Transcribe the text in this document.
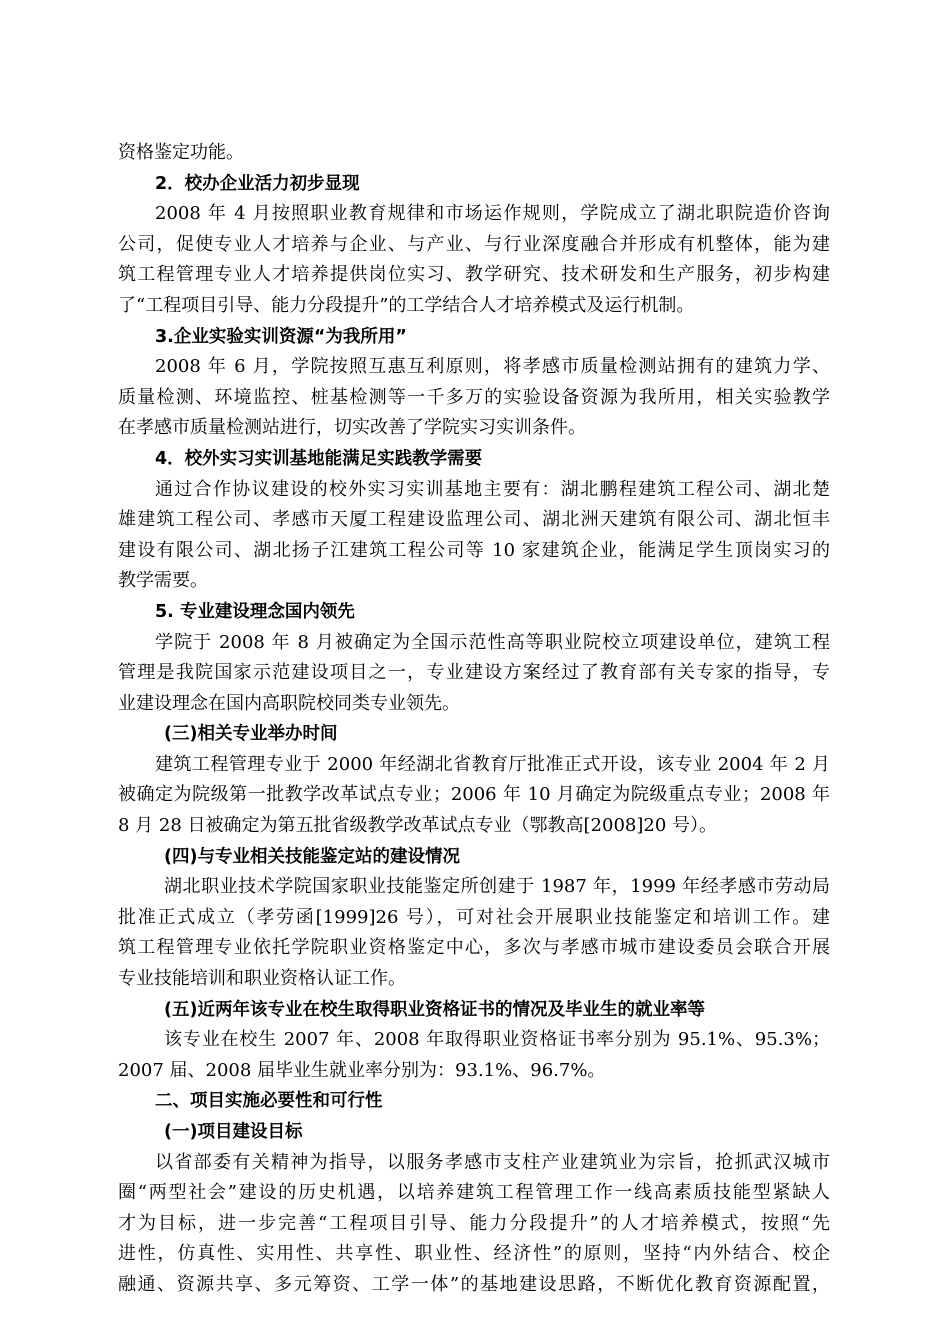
资格鉴定功能。
2．校办企业活力初步显现
2008 年 4 月按照职业教育规律和市场运作规则，学院成立了湖北职院造价咨询
公司，促使专业人才培养与企业、与产业、与行业深度融合并形成有机整体，能为建
筑工程管理专业人才培养提供岗位实习、教学研究、技术研发和生产服务，初步构建
了“工程项目引导、能力分段提升”的工学结合人才培养模式及运行机制。
3.企业实验实训资源“为我所用”
2008 年 6 月，学院按照互惠互利原则，将孝感市质量检测站拥有的建筑力学、
质量检测、环境监控、桩基检测等一千多万的实验设备资源为我所用，相关实验教学
在孝感市质量检测站进行，切实改善了学院实习实训条件。
4．校外实习实训基地能满足实践教学需要
通过合作协议建设的校外实习实训基地主要有：湖北鹏程建筑工程公司、湖北楚
雄建筑工程公司、孝感市天厦工程建设监理公司、湖北洲天建筑有限公司、湖北恒丰
建设有限公司、湖北扬子江建筑工程公司等 10 家建筑企业，能满足学生顶岗实习的
教学需要。
5. 专业建设理念国内领先
学院于 2008 年 8 月被确定为全国示范性高等职业院校立项建设单位，建筑工程
管理是我院国家示范建设项目之一，专业建设方案经过了教育部有关专家的指导，专
业建设理念在国内高职院校同类专业领先。
(三)相关专业举办时间
建筑工程管理专业于 2000 年经湖北省教育厅批准正式开设，该专业 2004 年 2 月
被确定为院级第一批教学改革试点专业；2006 年 10 月确定为院级重点专业；2008 年
8 月 28 日被确定为第五批省级教学改革试点专业（鄂教高[2008]20 号）。
(四)与专业相关技能鉴定站的建设情况
湖北职业技术学院国家职业技能鉴定所创建于 1987 年，1999 年经孝感市劳动局
批准正式成立（孝劳函[1999]26 号），可对社会开展职业技能鉴定和培训工作。建
筑工程管理专业依托学院职业资格鉴定中心，多次与孝感市城市建设委员会联合开展
专业技能培训和职业资格认证工作。
(五)近两年该专业在校生取得职业资格证书的情况及毕业生的就业率等
该专业在校生 2007 年、2008 年取得职业资格证书率分别为 95.1%、95.3%；
2007 届、2008 届毕业生就业率分别为：93.1%、96.7%。
二、项目实施必要性和可行性
(一)项目建设目标
以省部委有关精神为指导，以服务孝感市支柱产业建筑业为宗旨，抢抓武汉城市
圈“两型社会”建设的历史机遇，以培养建筑工程管理工作一线高素质技能型紧缺人
才为目标，进一步完善“工程项目引导、能力分段提升”的人才培养模式，按照“先
进性，仿真性、实用性、共享性、职业性、经济性”的原则，坚持“内外结合、校企
融通、资源共享、多元筹资、工学一体”的基地建设思路，不断优化教育资源配置，
